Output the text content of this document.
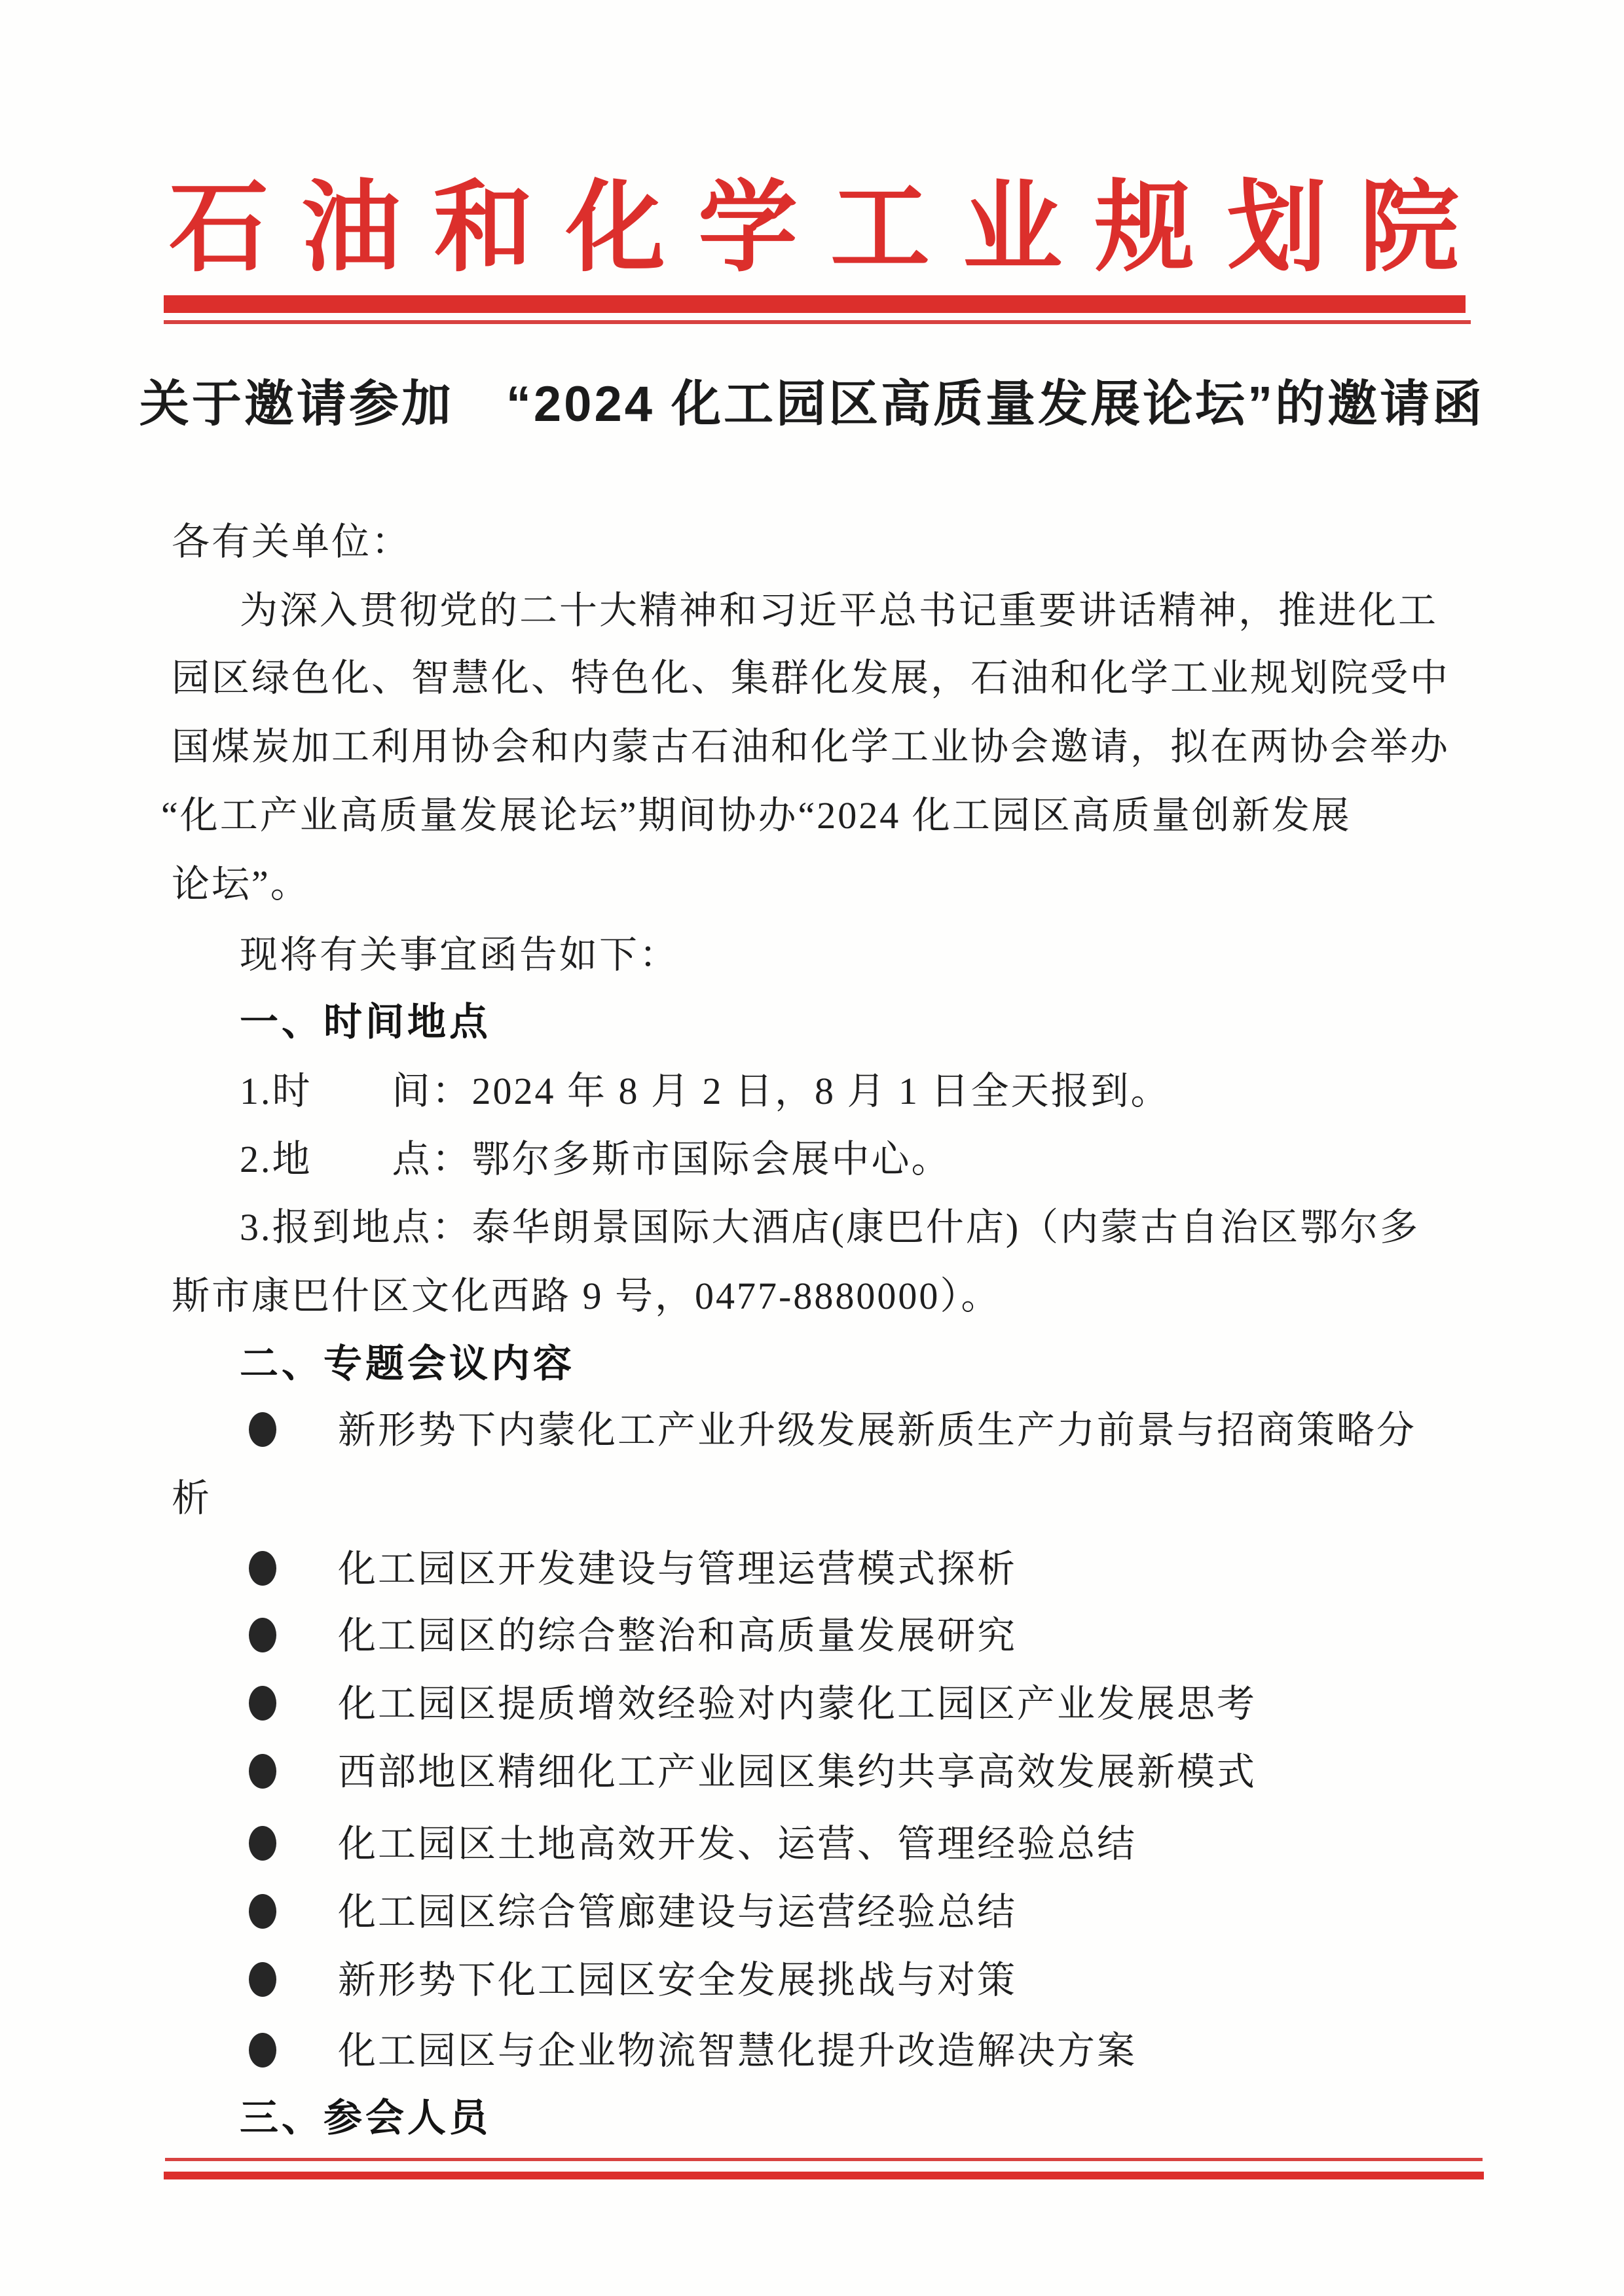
石油和化学工业规划院
关于邀请参加　“2024 化工园区高质量发展论坛”的邀请函
各有关单位：
为深入贯彻党的二十大精神和习近平总书记重要讲话精神，推进化工
园区绿色化、智慧化、特色化、集群化发展，石油和化学工业规划院受中
国煤炭加工利用协会和内蒙古石油和化学工业协会邀请，拟在两协会举办
“化工产业高质量发展论坛”期间协办“2024 化工园区高质量创新发展
论坛”。
现将有关事宜函告如下：
一、时间地点
1.时　　间：2024 年 8 月 2 日，8 月 1 日全天报到。
2.地　　点：鄂尔多斯市国际会展中心。
3.报到地点：泰华朗景国际大酒店(康巴什店)（内蒙古自治区鄂尔多
斯市康巴什区文化西路 9 号，0477-8880000）。
二、专题会议内容
新形势下内蒙化工产业升级发展新质生产力前景与招商策略分
析
化工园区开发建设与管理运营模式探析
化工园区的综合整治和高质量发展研究
化工园区提质增效经验对内蒙化工园区产业发展思考
西部地区精细化工产业园区集约共享高效发展新模式
化工园区土地高效开发、运营、管理经验总结
化工园区综合管廊建设与运营经验总结
新形势下化工园区安全发展挑战与对策
化工园区与企业物流智慧化提升改造解决方案
三、参会人员
